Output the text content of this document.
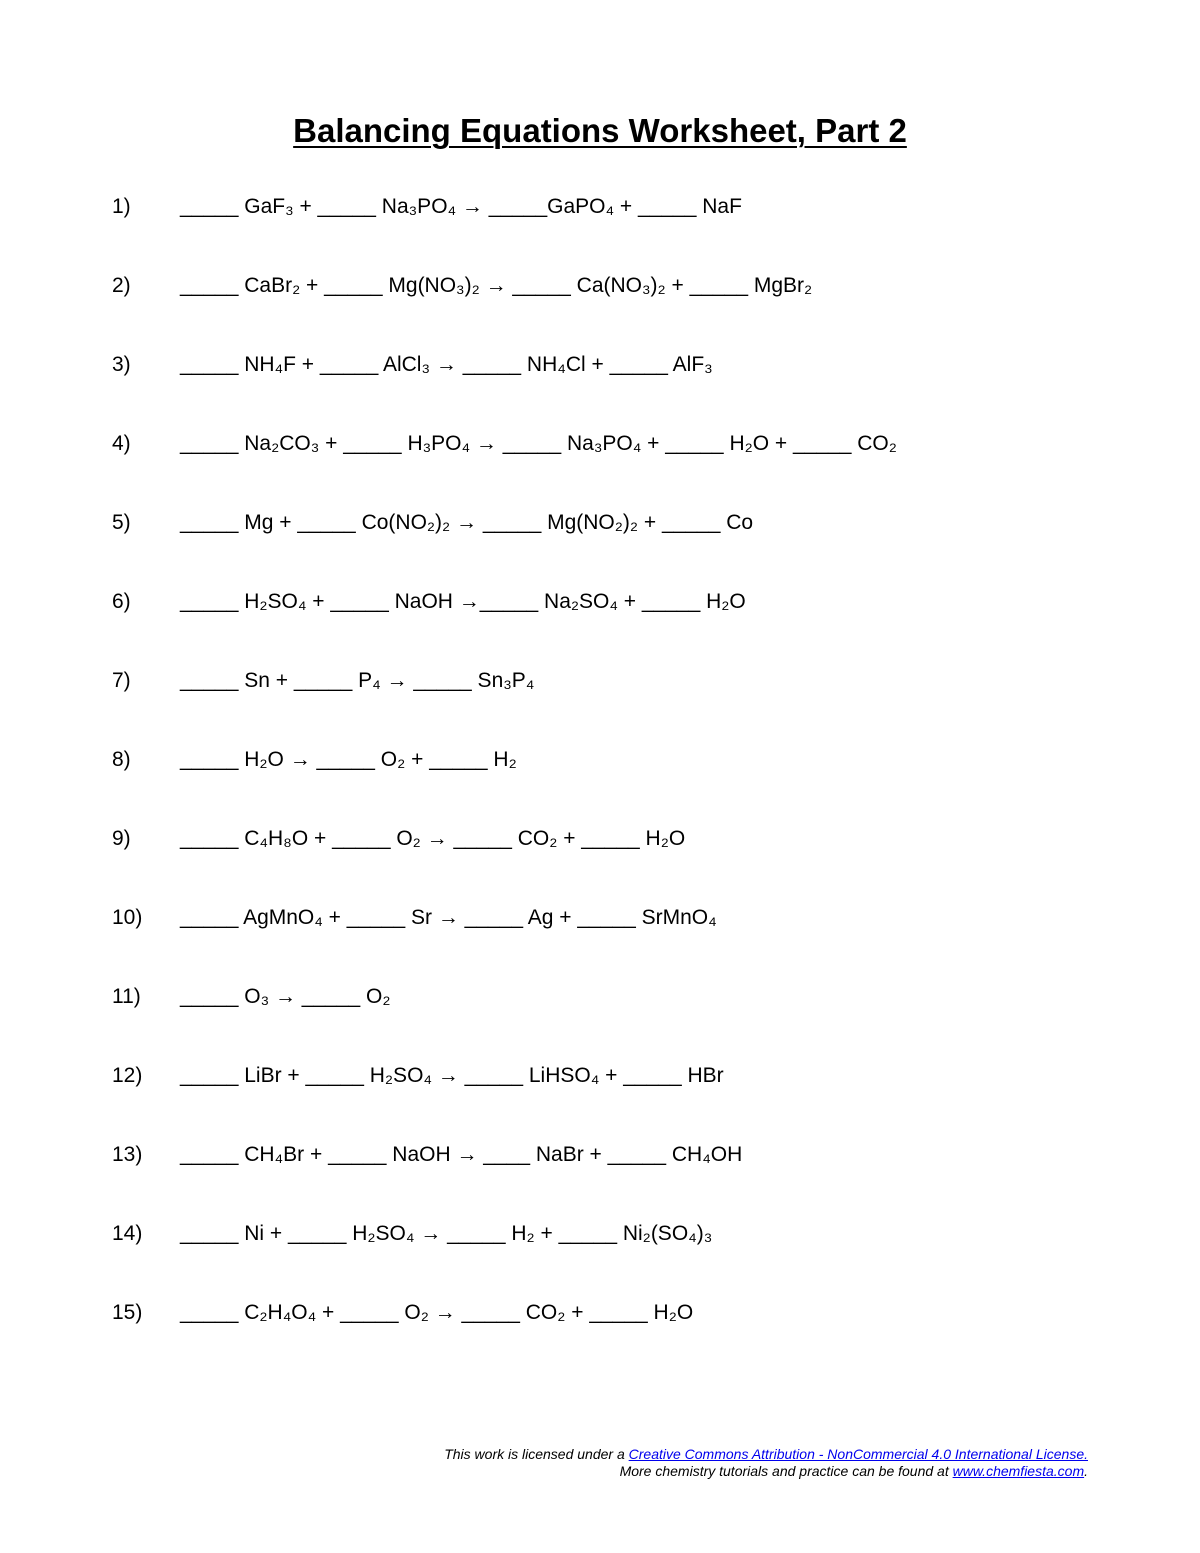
Balancing Equations Worksheet, Part 2
1)	_____ GaF₃ + _____ Na₃PO₄ → _____GaPO₄ + _____ NaF
2)	_____ CaBr₂ + _____ Mg(NO₃)₂ → _____ Ca(NO₃)₂ + _____ MgBr₂
3)	_____ NH₄F + _____ AlCl₃ → _____ NH₄Cl + _____ AlF₃
4)	_____ Na₂CO₃ + _____ H₃PO₄ → _____ Na₃PO₄ + _____ H₂O + _____ CO₂
5)	_____ Mg + _____ Co(NO₂)₂ → _____ Mg(NO₂)₂ + _____ Co
6)	_____ H₂SO₄ + _____ NaOH →_____ Na₂SO₄ + _____ H₂O
7)	_____ Sn + _____ P₄ → _____ Sn₃P₄
8)	_____ H₂O → _____ O₂ + _____ H₂
9)	_____ C₄H₈O + _____ O₂ → _____ CO₂ + _____ H₂O
10)	_____ AgMnO₄ + _____ Sr → _____ Ag + _____ SrMnO₄
11)	_____ O₃ → _____ O₂
12)	_____ LiBr + _____ H₂SO₄ → _____ LiHSO₄ + _____ HBr
13)	_____ CH₄Br + _____ NaOH → ____ NaBr + _____ CH₄OH
14)	_____ Ni + _____ H₂SO₄ → _____ H₂ + _____ Ni₂(SO₄)₃
15)	_____ C₂H₄O₄ + _____ O₂ → _____ CO₂ + _____ H₂O
This work is licensed under a Creative Commons Attribution - NonCommercial 4.0 International License.
More chemistry tutorials and practice can be found at www.chemfiesta.com.
